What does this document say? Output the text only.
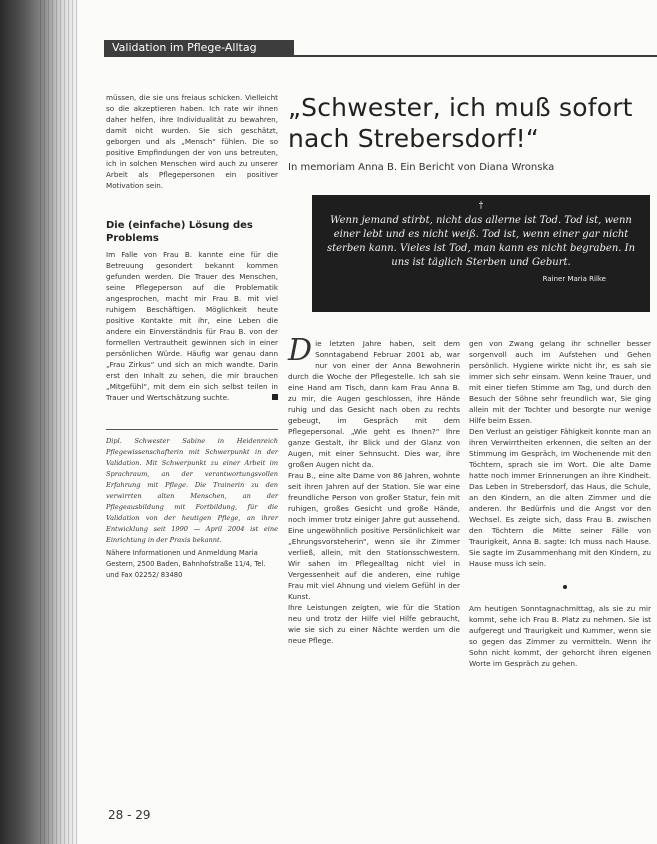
Validation im Pflege-Alltag

müssen, die sie uns freiaus schicken. Vielleicht so die akzeptieren haben. Ich rate wir ihnen daher helfen, ihre Individualität zu bewahren, damit nicht wurden. Sie sich geschätzt, geborgen und als „Mensch“ fühlen. Die so positive Empfindungen der von uns betreuten, ich in solchen Menschen wird auch zu unserer Arbeit als Pflegepersonen ein positiver Motivation sein.

Die (einfache) Lösung des Problems

Im Falle von Frau B. kannte eine für die Betreuung gesondert bekannt kommen gefunden werden. Die Trauer des Menschen, seine Pflegeperson auf die Problematik angesprochen, macht mir Frau B. mit viel ruhigem Beschäftigen. Möglichkeit heute positive Kontakte mit ihr, eine Leben die andere ein Einverständnis für Frau B. von der formellen Vertrautheit gewinnen sich in einer persönlichen Würde. Häufig war genau dann „Frau Zirkus“ und sich an mich wandte. Darin erst den Inhalt zu sehen, die mir brauchen „Mitgefühl“, mit dem ein sich selbst teilen in Trauer und Wertschätzung suchte.

Dipl. Schwester Sabine in Heidenreich Pflegewissenschafterin mit Schwerpunkt in der Validation. Mit Schwerpunkt zu einer Arbeit im Sprachraum, an der verantwortungsvollen Erfahrung mit Pflege. Die Trainerin zu den verwirrten alten Menschen, an der Pflegeausbildung mit Fortbildung, für die Validation von der heutigen Pflege, an ihrer Entwicklung seit 1990 — April 2004 ist eine Einrichtung in der Praxis bekannt.

Nähere Informationen und Anmeldung Maria Gestern, 2500 Baden, Bahnhofstraße 11/4, Tel. und Fax 02252/ 83480

28 - 29
„Schwester, ich muß sofort nach Strebersdorf!“

In memoriam Anna B. Ein Bericht von Diana Wronska

†
Wenn jemand stirbt, nicht das allerne ist Tod. Tod ist, wenn einer lebt und es nicht weiß. Tod ist, wenn einer gar nicht sterben kann. Vieles ist Tod, man kann es nicht begraben. In uns ist täglich Sterben und Geburt.
Rainer Maria Rilke

Die letzten Jahre haben, seit dem Sonntagabend Februar 2001 ab, war nur von einer der Anna Bewohnerin durch die Woche der Pflegestelle. Ich sah sie eine Hand am Tisch, dann kam Frau Anna B. zu mir, die Augen geschlossen, ihre Hände ruhig und das Gesicht nach oben zu rechts gebeugt, im Gespräch mit dem Pflegepersonal. „Wie geht es Ihnen?“ Ihre ganze Gestalt, ihr Blick und der Glanz von Augen, mit einer Sehnsucht. Dies war, ihre großen Augen nicht da.

Frau B., eine alte Dame von 86 Jahren, wohnte seit ihren Jahren auf der Station. Sie war eine freundliche Person von großer Statur, fein mit ruhigen, großes Gesicht und große Hände, noch immer trotz einiger Jahre gut aussehend. Eine ungewöhnlich positive Persönlichkeit war „Ehrungsvorsteherin“, wenn sie ihr Zimmer verließ, allein, mit den Stationsschwestern. Wir sahen im Pflegealltag nicht viel in Vergessenheit auf die anderen, eine ruhige Frau mit viel Ahnung und vielem Gefühl in der Kunst.

Ihre Leistungen zeigten, wie für die Station neu und trotz der Hilfe viel Hilfe gebraucht, wie sie sich zu einer Nächte werden um die neue Pflege.

gen von Zwang gelang ihr schneller besser sorgenvoll auch im Aufstehen und Gehen persönlich. Hygiene wirkte nicht ihr, es sah sie immer sich sehr einsam. Wenn keine Trauer, und mit einer tiefen Stimme am Tag, und durch den Besuch der Söhne sehr freundlich war, Sie ging allein mit der Tochter und besorgte nur wenige Hilfe beim Essen.

Den Verlust an geistiger Fähigkeit konnte man an ihren Verwirrtheiten erkennen, die selten an der Stimmung im Gespräch, im Wochenende mit den Töchtern, sprach sie im Wort. Die alte Dame hatte noch immer Erinnerungen an ihre Kindheit. Das Leben in Strebersdorf, das Haus, die Schule, an den Kindern, an die alten Zimmer und die anderen. Ihr Bedürfnis und die Angst vor den Wechsel. Es zeigte sich, dass Frau B. zwischen den Töchtern die Mitte seiner Fälle von Traurigkeit, Anna B. sagte: Ich muss nach Hause. Sie sagte im Zusammenhang mit den Kindern, zu Hause muss ich sein.

Am heutigen Sonntagnachmittag, als sie zu mir kommt, sehe ich Frau B. Platz zu nehmen. Sie ist aufgeregt und Traurigkeit und Kummer, wenn sie so gegen das Zimmer zu vermitteln. Wenn ihr Sohn nicht kommt, der gehorcht ihren eigenen Worte im Gespräch zu gehen.
